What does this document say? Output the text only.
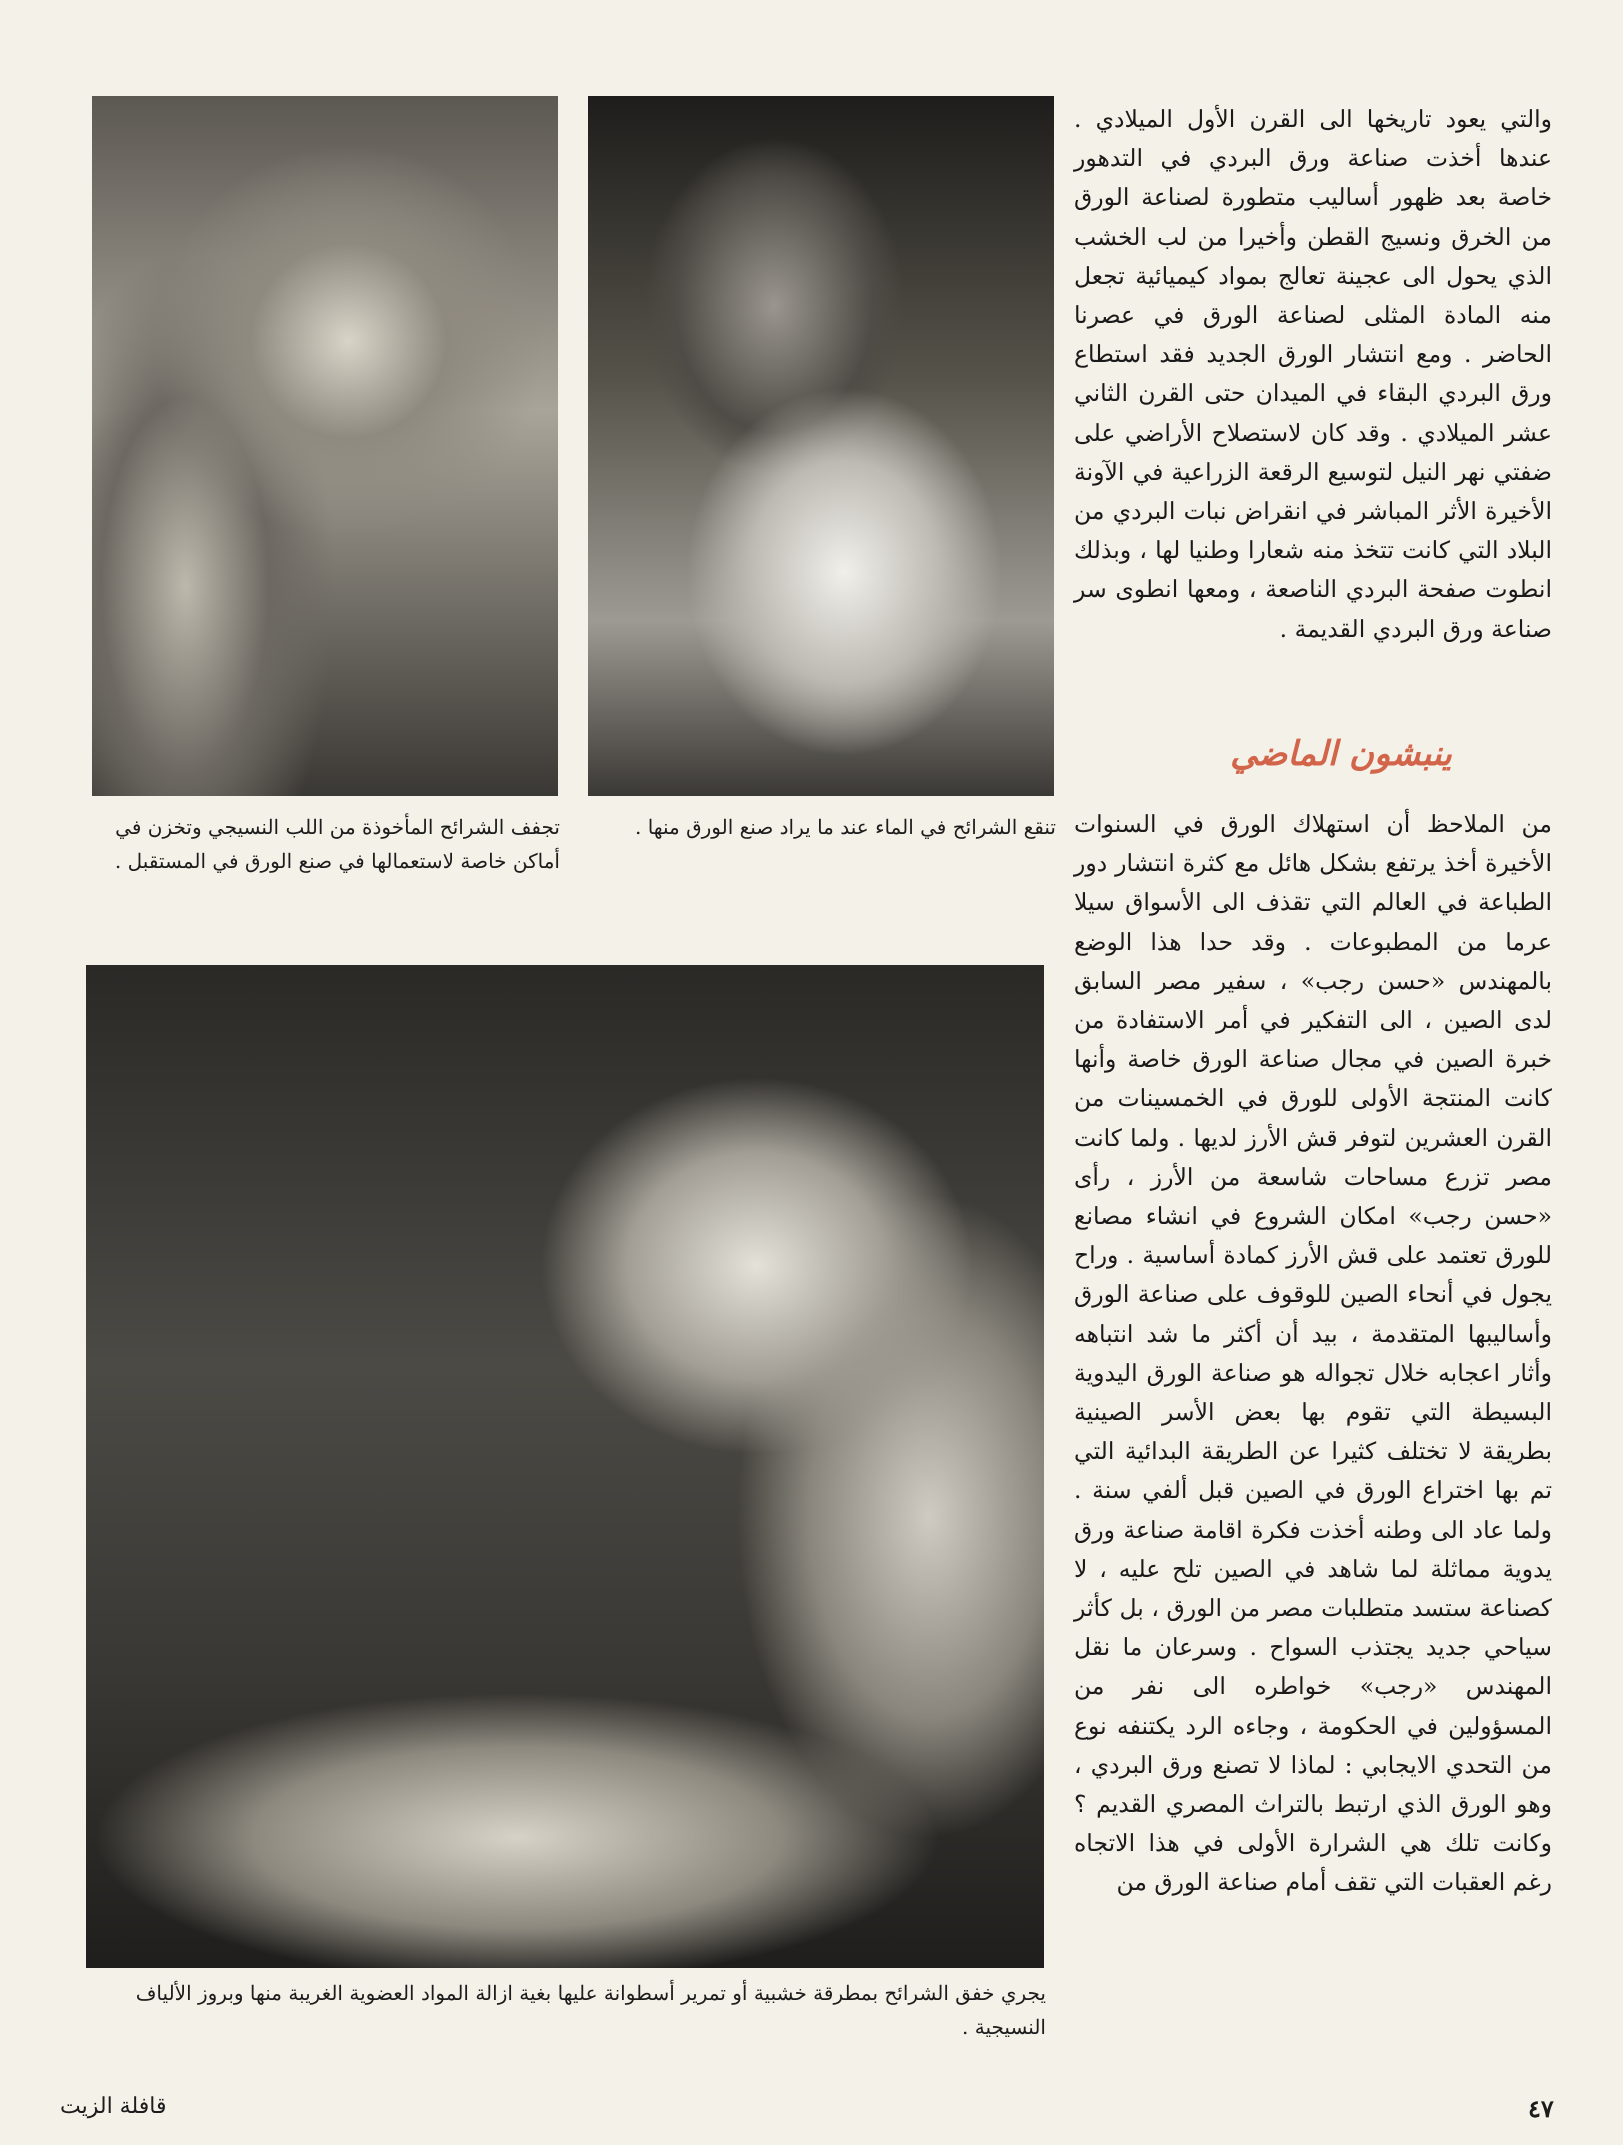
تنقع الشرائح في الماء عند ما يراد صنع الورق منها .

تجفف الشرائح المأخوذة من اللب النسيجي وتخزن في أماكن خاصة لاستعمالها في صنع الورق في المستقبل .

والتي يعود تاريخها الى القرن الأول الميلادي . عندها أخذت صناعة ورق البردي في التدهور خاصة بعد ظهور أساليب متطورة لصناعة الورق من الخرق ونسيج القطن وأخيرا من لب الخشب الذي يحول الى عجينة تعالج بمواد كيميائية تجعل منه المادة المثلى لصناعة الورق في عصرنا الحاضر . ومع انتشار الورق الجديد فقد استطاع ورق البردي البقاء في الميدان حتى القرن الثاني عشر الميلادي . وقد كان لاستصلاح الأراضي على ضفتي نهر النيل لتوسيع الرقعة الزراعية في الآونة الأخيرة الأثر المباشر في انقراض نبات البردي من البلاد التي كانت تتخذ منه شعارا وطنيا لها ، وبذلك انطوت صفحة البردي الناصعة ، ومعها انطوى سر صناعة ورق البردي القديمة .

ينبشون الماضي

من الملاحظ أن استهلاك الورق في السنوات الأخيرة أخذ يرتفع بشكل هائل مع كثرة انتشار دور الطباعة في العالم التي تقذف الى الأسواق سيلا عرما من المطبوعات . وقد حدا هذا الوضع بالمهندس «حسن رجب» ، سفير مصر السابق لدى الصين ، الى التفكير في أمر الاستفادة من خبرة الصين في مجال صناعة الورق خاصة وأنها كانت المنتجة الأولى للورق في الخمسينات من القرن العشرين لتوفر قش الأرز لديها . ولما كانت مصر تزرع مساحات شاسعة من الأرز ، رأى «حسن رجب» امكان الشروع في انشاء مصانع للورق تعتمد على قش الأرز كمادة أساسية . وراح يجول في أنحاء الصين للوقوف على صناعة الورق وأساليبها المتقدمة ، بيد أن أكثر ما شد انتباهه وأثار اعجابه خلال تجواله هو صناعة الورق اليدوية البسيطة التي تقوم بها بعض الأسر الصينية بطريقة لا تختلف كثيرا عن الطريقة البدائية التي تم بها اختراع الورق في الصين قبل ألفي سنة . ولما عاد الى وطنه أخذت فكرة اقامة صناعة ورق يدوية مماثلة لما شاهد في الصين تلح عليه ، لا كصناعة ستسد متطلبات مصر من الورق ، بل كأثر سياحي جديد يجتذب السواح . وسرعان ما نقل المهندس «رجب» خواطره الى نفر من المسؤولين في الحكومة ، وجاءه الرد يكتنفه نوع من التحدي الايجابي : لماذا لا تصنع ورق البردي ، وهو الورق الذي ارتبط بالتراث المصري القديم ؟ وكانت تلك هي الشرارة الأولى في هذا الاتجاه رغم العقبات التي تقف أمام صناعة الورق من

يجري خفق الشرائح بمطرقة خشبية أو تمرير أسطوانة عليها بغية ازالة المواد العضوية الغريبة منها وبروز الألياف النسيجية .

قافلة الزيت	٤٧
